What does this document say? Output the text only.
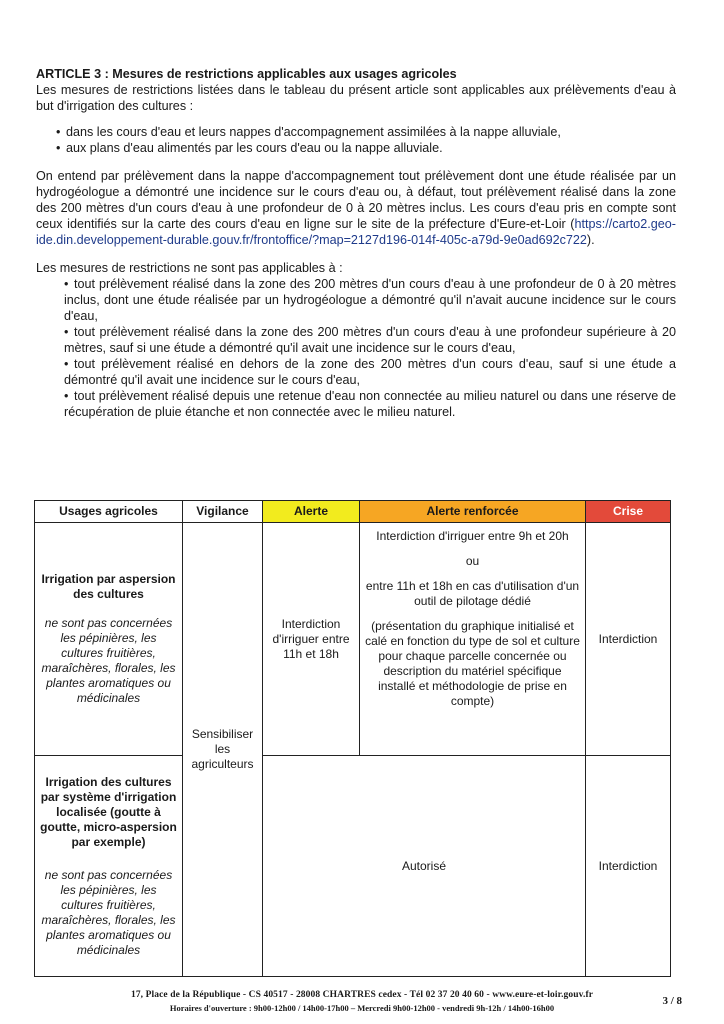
ARTICLE 3 : Mesures de restrictions applicables aux usages agricoles

Les mesures de restrictions listées dans le tableau du présent article sont applicables aux prélèvements d'eau à but d'irrigation des cultures :

• dans les cours d'eau et leurs nappes d'accompagnement assimilées à la nappe alluviale,
• aux plans d'eau alimentés par les cours d'eau ou la nappe alluviale.

On entend par prélèvement dans la nappe d'accompagnement tout prélèvement dont une étude réalisée par un hydrogéologue a démontré une incidence sur le cours d'eau ou, à défaut, tout prélèvement réalisé dans la zone des 200 mètres d'un cours d'eau à une profondeur de 0 à 20 mètres inclus. Les cours d'eau pris en compte sont ceux identifiés sur la carte des cours d'eau en ligne sur le site de la préfecture d'Eure-et-Loir (https://carto2.geo-ide.din.developpement-durable.gouv.fr/frontoffice/?map=2127d196-014f-405c-a79d-9e0ad692c722).

Les mesures de restrictions ne sont pas applicables à :

• tout prélèvement réalisé dans la zone des 200 mètres d'un cours d'eau à une profondeur de 0 à 20 mètres inclus, dont une étude réalisée par un hydrogéologue a démontré qu'il n'avait aucune incidence sur le cours d'eau,
• tout prélèvement réalisé dans la zone des 200 mètres d'un cours d'eau à une profondeur supérieure à 20 mètres, sauf si une étude a démontré qu'il avait une incidence sur le cours d'eau,
• tout prélèvement réalisé en dehors de la zone des 200 mètres d'un cours d'eau, sauf si une étude a démontré qu'il avait une incidence sur le cours d'eau,
• tout prélèvement réalisé depuis une retenue d'eau non connectée au milieu naturel ou dans une réserve de récupération de pluie étanche et non connectée avec le milieu naturel.
Usages agricoles	Vigilance	Alerte	Alerte renforcée	Crise

Irrigation par aspersion des cultures
ne sont pas concernées les pépinières, les cultures fruitières, maraîchères, florales, les plantes aromatiques ou médicinales	Sensibiliser les agriculteurs	Interdiction d'irriguer entre 11h et 18h	Interdiction d'irriguer entre 9h et 20h
ou
entre 11h et 18h en cas d'utilisation d'un outil de pilotage dédié
(présentation du graphique initialisé et calé en fonction du type de sol et culture pour chaque parcelle concernée ou description du matériel spécifique installé et méthodologie de prise en compte)	Interdiction

Irrigation des cultures par système d'irrigation localisée (goutte à goutte, micro-aspersion par exemple)
ne sont pas concernées les pépinières, les cultures fruitières, maraîchères, florales, les plantes aromatiques ou médicinales		Autorisé		Interdiction
17, Place de la République - CS 40517 - 28008 CHARTRES cedex - Tél 02 37 20 40 60 - www.eure-et-loir.gouv.fr
Horaires d'ouverture : 9h00-12h00 / 14h00-17h00 – Mercredi 9h00-12h00 - vendredi 9h-12h / 14h00-16h00
3 / 8
